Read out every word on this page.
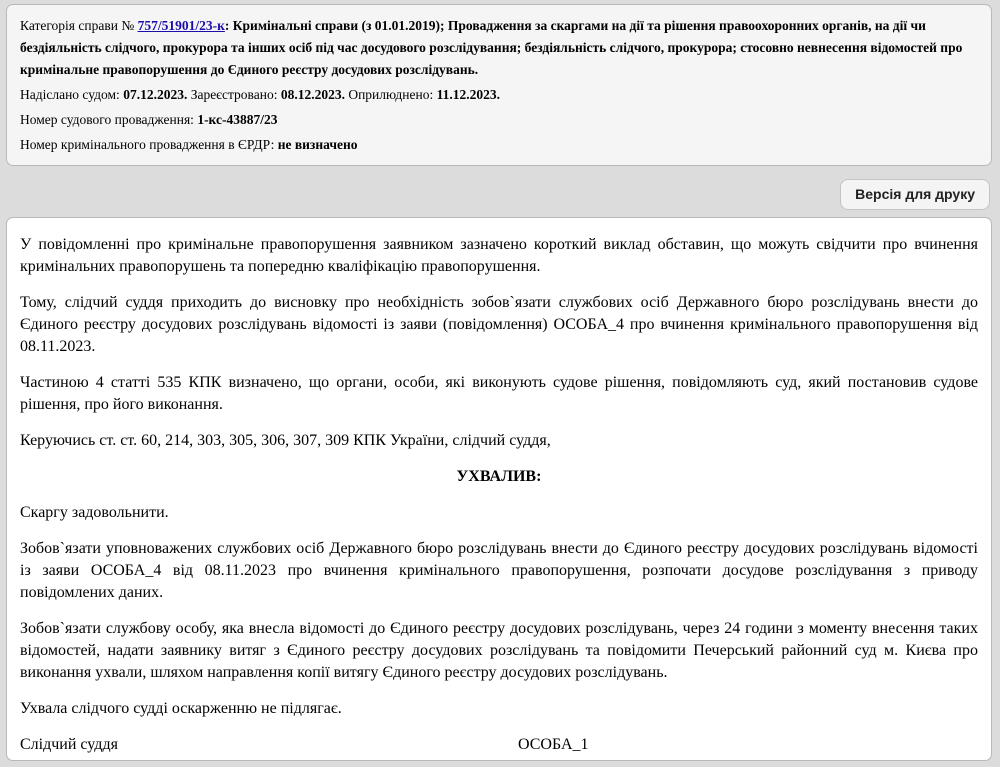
Категорія справи № 757/51901/23-к: Кримінальні справи (з 01.01.2019); Провадження за скаргами на дії та рішення правоохоронних органів, на дії чи бездіяльність слідчого, прокурора та інших осіб під час досудового розслідування; бездіяльність слідчого, прокурора; стосовно невнесення відомостей про кримінальне правопорушення до Єдиного реєстру досудових розслідувань.

Надіслано судом: 07.12.2023. Зареєстровано: 08.12.2023. Оприлюднено: 11.12.2023.

Номер судового провадження: 1-кс-43887/23

Номер кримінального провадження в ЄРДР: не визначено

Версія для друку

У повідомленні про кримінальне правопорушення заявником зазначено короткий виклад обставин, що можуть свідчити про вчинення кримінальних правопорушень та попередню кваліфікацію правопорушення.

Тому, слідчий суддя приходить до висновку про необхідність зобов`язати службових осіб Державного бюро розслідувань внести до Єдиного реєстру досудових розслідувань відомості із заяви (повідомлення) ОСОБА_4 про вчинення кримінального правопорушення від 08.11.2023.

Частиною 4 статті 535 КПК визначено, що органи, особи, які виконують судове рішення, повідомляють суд, який постановив судове рішення, про його виконання.

Керуючись ст. ст. 60, 214, 303, 305, 306, 307, 309 КПК України, слідчий суддя,

УХВАЛИВ:

Скаргу задовольнити.

Зобов`язати уповноважених службових осіб Державного бюро розслідувань внести до Єдиного реєстру досудових розслідувань відомості із заяви ОСОБА_4 від 08.11.2023 про вчинення кримінального правопорушення, розпочати досудове розслідування з приводу повідомлених даних.

Зобов`язати службову особу, яка внесла відомості до Єдиного реєстру досудових розслідувань, через 24 години з моменту внесення таких відомостей, надати заявнику витяг з Єдиного реєстру досудових розслідувань та повідомити Печерський районний суд м. Києва про виконання ухвали, шляхом направлення копії витягу Єдиного реєстру досудових розслідувань.

Ухвала слідчого судді оскарженню не підлягає.

Слідчий суддя	ОСОБА_1
